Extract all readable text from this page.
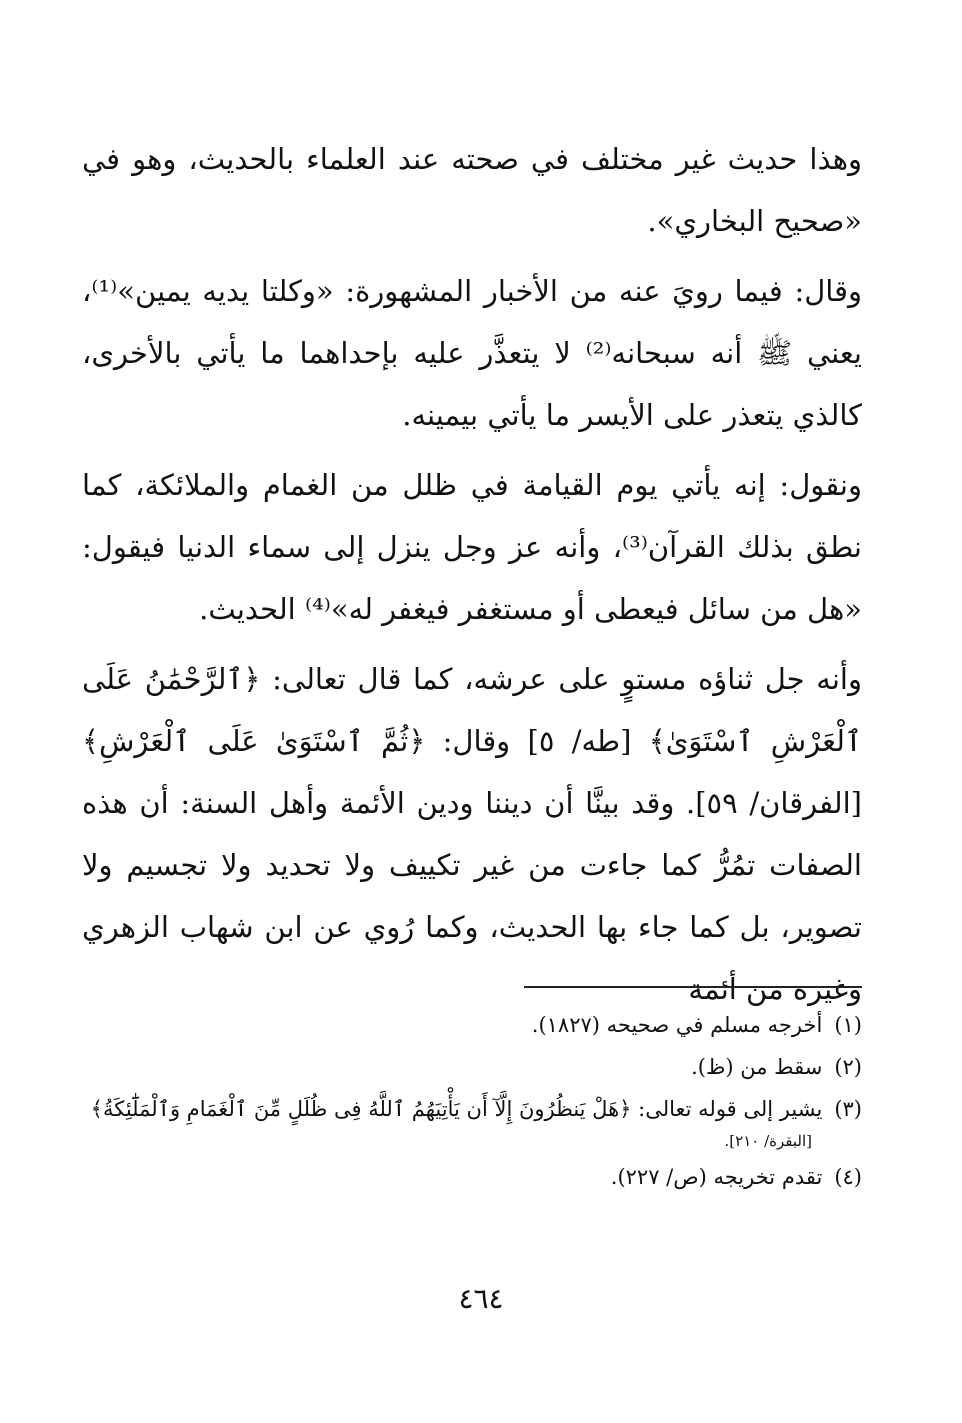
وهذا حديث غير مختلف في صحته عند العلماء بالحديث، وهو في «صحيح البخاري».

وقال: فيما رويَ عنه من الأخبار المشهورة: «وكلتا يديه يمين»⁽¹⁾، يعني ﷺ أنه سبحانه⁽²⁾ لا يتعذَّر عليه بإحداهما ما يأتي بالأخرى، كالذي يتعذر على الأيسر ما يأتي بيمينه.

ونقول: إنه يأتي يوم القيامة في ظلل من الغمام والملائكة، كما نطق بذلك القرآن⁽³⁾، وأنه عز وجل ينزل إلى سماء الدنيا فيقول: «هل من سائل فيعطى أو مستغفر فيغفر له»⁽⁴⁾ الحديث.

وأنه جل ثناؤه مستوٍ على عرشه، كما قال تعالى: ﴿ٱلرَّحْمَٰنُ عَلَى ٱلْعَرْشِ ٱسْتَوَىٰ﴾ [طه/ ٥] وقال: ﴿ثُمَّ ٱسْتَوَىٰ عَلَى ٱلْعَرْشِ﴾ [الفرقان/ ٥٩]. وقد بينَّا أن ديننا ودين الأئمة وأهل السنة: أن هذه الصفات تمُرُّ كما جاءت من غير تكييف ولا تحديد ولا تجسيم ولا تصوير، بل كما جاء بها الحديث، وكما رُوي عن ابن شهاب الزهري وغيره من أئمة

(١)أخرجه مسلم في صحيحه (١٨٢٧).
(٢)سقط من (ظ).
(٣)يشير إلى قوله تعالى: ﴿هَلْ يَنظُرُونَ إِلَّآ أَن يَأْتِيَهُمُ ٱللَّهُ فِى ظُلَلٍ مِّنَ ٱلْغَمَامِ وَٱلْمَلَٰٓئِكَةُ﴾
[البقرة/ ٢١٠].
(٤)تقدم تخريجه (ص/ ٢٢٧).
٤٦٤
